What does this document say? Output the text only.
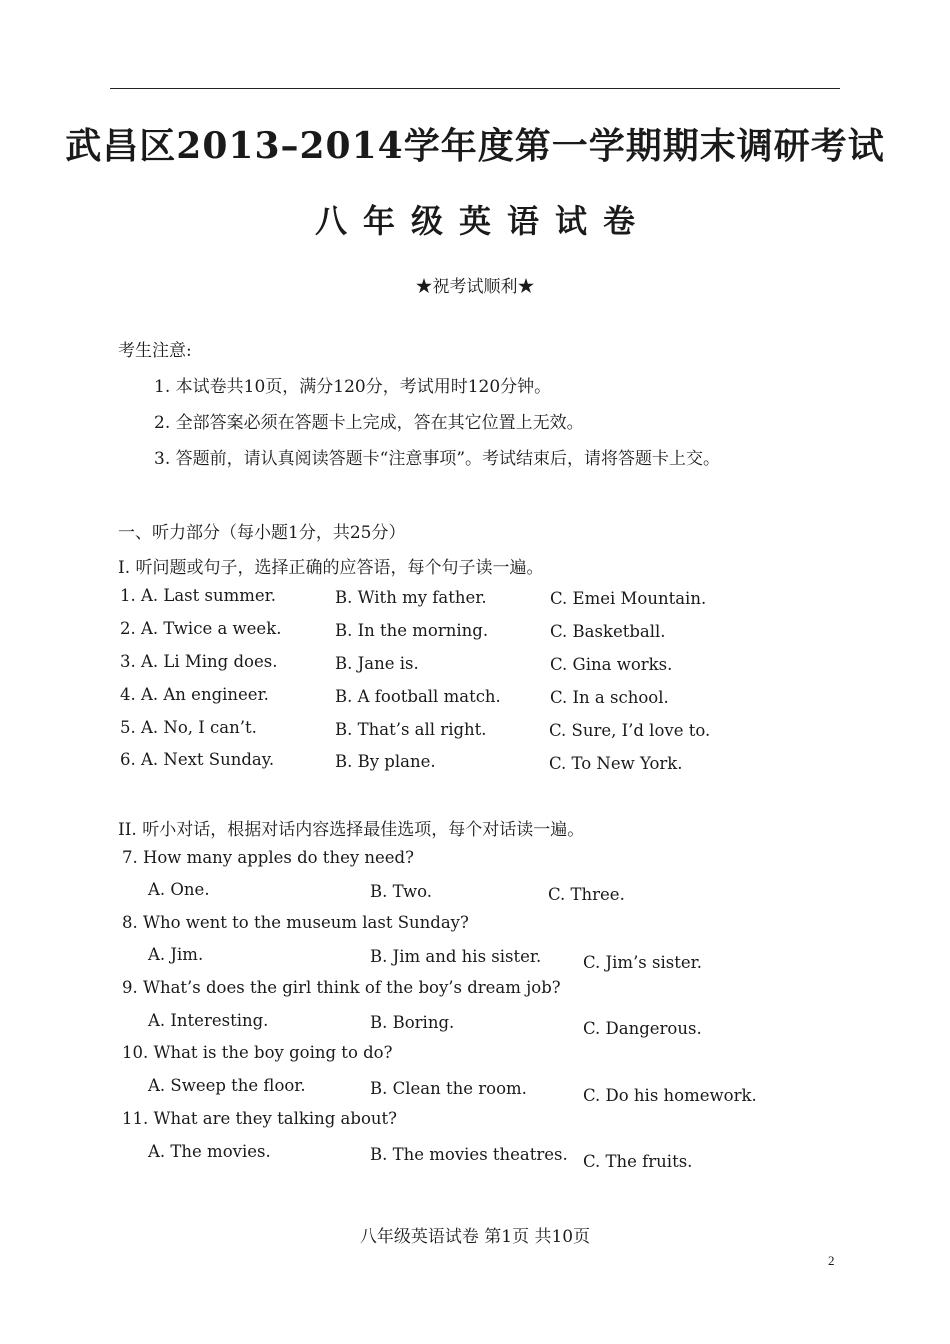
武昌区2013–2014学年度第一学期期末调研考试
八年级英语试卷
★祝考试顺利★
考生注意:
1. 本试卷共10页，满分120分，考试用时120分钟。
2. 全部答案必须在答题卡上完成，答在其它位置上无效。
3. 答题前，请认真阅读答题卡“注意事项”。考试结束后，请将答题卡上交。
一、听力部分（每小题1分，共25分）
I. 听问题或句子，选择正确的应答语，每个句子读一遍。
1. A. Last summer.	B. With my father.	C. Emei Mountain.
2. A. Twice a week.	B. In the morning.	C. Basketball.
3. A. Li Ming does.	B. Jane is.	C. Gina works.
4. A. An engineer.	B. A football match.	C. In a school.
5. A. No, I can’t.	B. That’s all right.	C. Sure, I’d love to.
6. A. Next Sunday.	B. By plane.	C. To New York.
II. 听小对话，根据对话内容选择最佳选项，每个对话读一遍。
7. How many apples do they need?
A. One.	B. Two.	C. Three.
8. Who went to the museum last Sunday?
A. Jim.	B. Jim and his sister.	C. Jim’s sister.
9. What’s does the girl think of the boy’s dream job?
A. Interesting.	B. Boring.	C. Dangerous.
10. What is the boy going to do?
A. Sweep the floor.	B. Clean the room.	C. Do his homework.
11. What are they talking about?
A. The movies.	B. The movies theatres. C. The fruits.
八年级英语试卷 第1页 共10页
2
